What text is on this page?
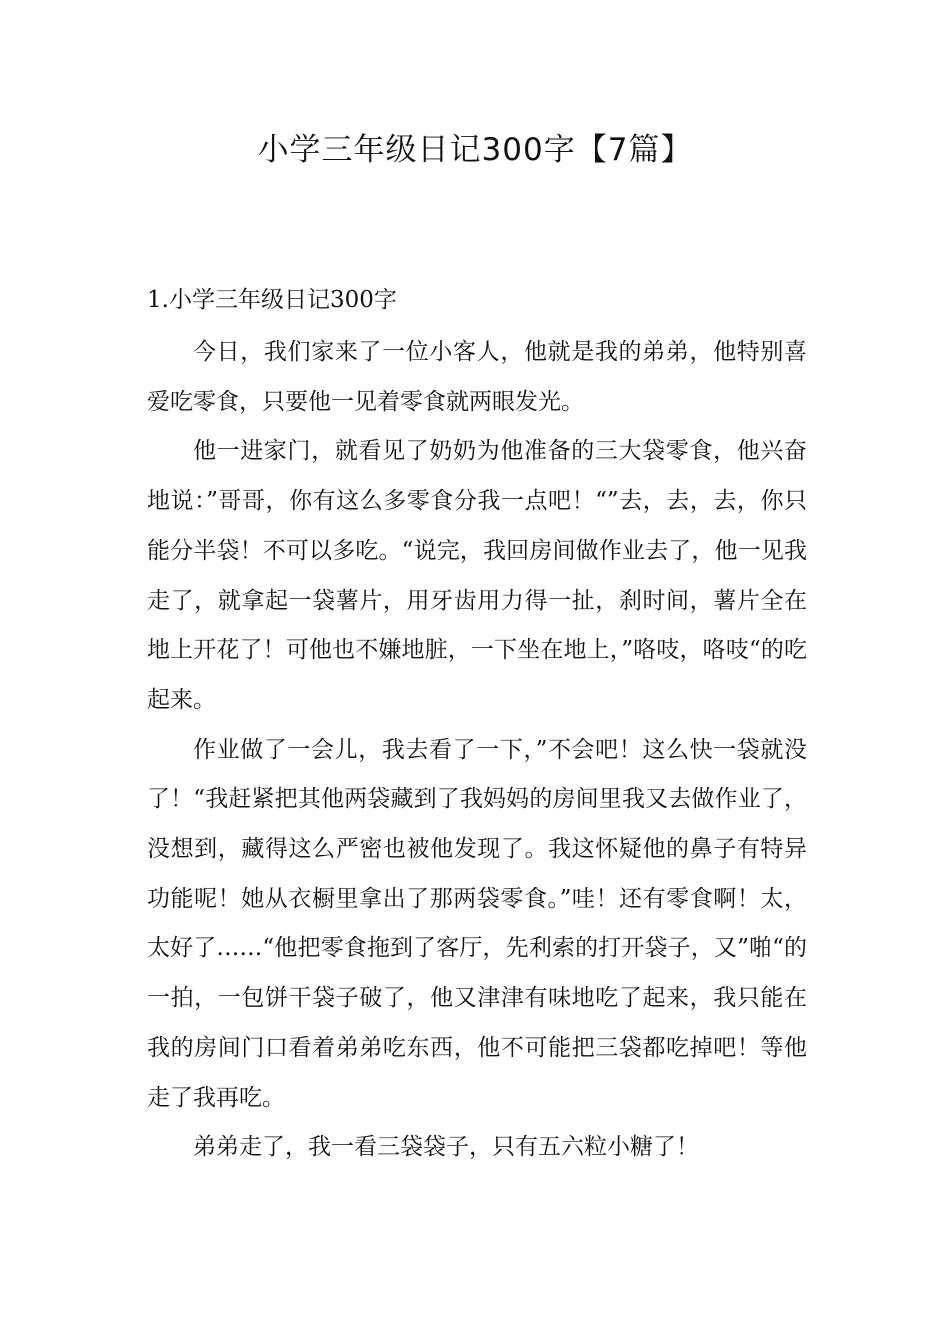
小学三年级日记300字【7篇】
1.小学三年级日记300字

今日，我们家来了一位小客人，他就是我的弟弟，他特别喜爱吃零食，只要他一见着零食就两眼发光。

他一进家门，就看见了奶奶为他准备的三大袋零食，他兴奋地说：”哥哥，你有这么多零食分我一点吧！“”去，去，去，你只能分半袋！不可以多吃。“说完，我回房间做作业去了，他一见我走了，就拿起一袋薯片，用牙齿用力得一扯，刹时间，薯片全在地上开花了！可他也不嫌地脏，一下坐在地上，”咯吱，咯吱“的吃起来。

作业做了一会儿，我去看了一下，”不会吧！这么快一袋就没了！“我赶紧把其他两袋藏到了我妈妈的房间里我又去做作业了，没想到，藏得这么严密也被他发现了。我这怀疑他的鼻子有特异功能呢！她从衣橱里拿出了那两袋零食。”哇！还有零食啊！太，太好了……“他把零食拖到了客厅，先利索的打开袋子，又”啪“的一拍，一包饼干袋子破了，他又津津有味地吃了起来，我只能在我的房间门口看着弟弟吃东西，他不可能把三袋都吃掉吧！等他走了我再吃。

弟弟走了，我一看三袋袋子，只有五六粒小糖了！
